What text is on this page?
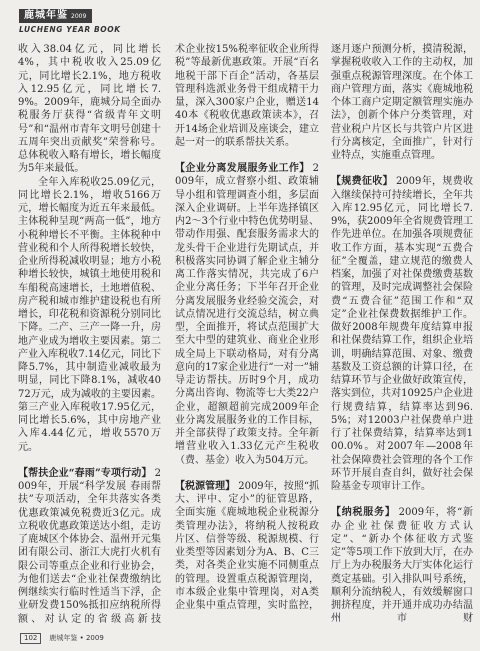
鹿城年鉴 2009
LUCHENG YEAR BOOK

收入38.04亿元，同比增长4%，其中税收收入25.09亿元，同比增长2.1%，地方税收入12.95亿元，同比增长7.9%。2009年，鹿城分局全面办税服务厅获得“省级青年文明号”和“温州市青年文明号创建十五周年突出贡献奖”荣誉称号。总体税收入略有增长，增长幅度为5年来最低。

全年入库税收25.09亿元，同比增长2.1%，增收5166万元，增长幅度为近五年来最低。主体税种呈现“两高一低”，地方小税种增长不平衡。主体税种中营业税和个人所得税增长较快，企业所得税减收明显；地方小税种增长较快，城镇土地使用税和车船税高速增长，土地增值税、房产税和城市维护建设税也有所增长，印花税和资源税分别同比下降。二产、三产一降一升，房地产业成为增收主要因素。第二产业入库税收7.14亿元，同比下降5.7%，其中制造业减收最为明显，同比下降8.1%，减收4072万元，成为减收的主要因素。第三产业入库税收17.95亿元，同比增长5.6%，其中房地产业入库4.44亿元，增收5570万元。

【帮扶企业“春雨”专项行动】 2009年，开展“科学发展 春雨帮扶”专项活动，全年共落实各类优惠政策减免税费近3亿元。成立税收优惠政策送达小组，走访了鹿城区个体协会、温州开元集团有限公司、浙江大虎打火机有限公司等重点企业和行业协会，为他们送去“企业社保费缴纳比例继续实行临时性适当下浮，企业研发费150%抵扣应纳税所得额、对认定的省级高新技

术企业按15%税率征收企业所得税”等最新优惠政策。开展“百名地税干部下百企”活动，各基层管理科选派业务骨干组成精干力量，深入300家户企业，赠送1440本《税收优惠政策读本》，召开14场企业培训及座谈会，建立起一对一的联系帮扶关系。

【企业分离发展服务业工作】 2009年，成立督察小组、政策辅导小组和管理调查小组，多层面深入企业调研。上半年选择镇区内2～3个行业中特色优势明显、带动作用强、配套服务需求大的龙头骨干企业进行先期试点，并积极落实同协调了解企业主辅分离工作落实情况，共完成了6户企业分离任务；下半年召开企业分离发展服务业经验交流会，对试点情况进行交流总结，树立典型，全面推开，将试点范围扩大至大中型的建筑业、商业企业形成全局上下联动格局，对有分离意向的17家企业进行“一对一”辅导走访帮扶。历时9个月，成功分离出咨询、物流等七大类22户企业，超额超前完成2009年企业分离发展服务业的工作目标，并全部获得了政策支持。全年新增营业收入1.33亿元产生税收（费、基金）收入为504万元。

【税源管理】 2009年，按照“抓大、评中、定小”的征管思路，全面实施《鹿城地税企业税源分类管理办法》，将纳税人按税政片区、信誉等级、税源规模、行业类型等因素划分为A、B、C三类，对各类企业实施不同侧重点的管理。设置重点税源管理岗，市本级企业集中管理岗，对A类企业集中重点管理，实时监控，

逐月逐户预测分析，摸清税源，掌握税收收入工作的主动权，加强重点税源管理深度。在个体工商户管理方面，落实《鹿城地税个体工商户定期定额管理实施办法》，创新个体户分类管理，对营业税户片区长与共管户片区进行分离核定，全面推广，针对行业特点，实施重点管理。

【规费征收】 2009年，规费收入继续保持可持续增长，全年共入库12.95亿元，同比增长7.9%，获2009年全省规费管理工作先进单位。在加强各项规费征收工作方面，基本实现“五费合征”全覆盖，建立规范的缴费人档案，加强了对社保费缴费基数的管理，及时完成调整社会保险费“五费合征”范围工作和“双定”企业社保费数据维护工作。做好2008年规费年度结算申报和社保费结算工作，组织企业培训，明确结算范围、对象、缴费基数及工资总额的计算口径，在结算环节与企业做好政策宣传，落实到位，共对10925户企业进行规费结算，结算率达到96.5%；对12003户社保费单户进行了社保费结算，结算率达到100.0%。对2007年—2008年社会保障费社会管理的各个工作环节开展自查自纠，做好社会保险基金专项审计工作。

【纳税服务】 2009年，将“新办企业社保费征收方式认定”、“新办个体征收方式鉴定”等5项工作下放到大厅，在办厅上为办税服务大厅实体化运行奠定基础。引入排队叫号系统，顺利分流纳税人，有效缓解窗口拥挤程度，并开通并成功办结温州市财

102	鹿城年鉴 • 2009
